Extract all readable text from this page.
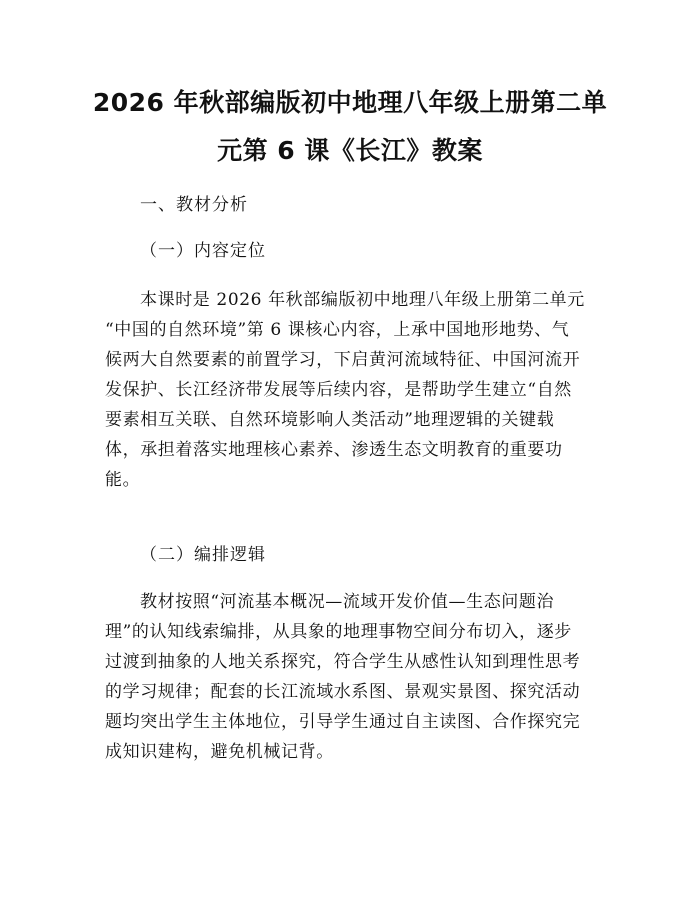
2026 年秋部编版初中地理八年级上册第二单
元第 6 课《长江》教案
一、教材分析
（一）内容定位
本课时是 2026 年秋部编版初中地理八年级上册第二单元
“中国的自然环境”第 6 课核心内容，上承中国地形地势、气
候两大自然要素的前置学习，下启黄河流域特征、中国河流开
发保护、长江经济带发展等后续内容，是帮助学生建立“自然
要素相互关联、自然环境影响人类活动”地理逻辑的关键载
体，承担着落实地理核心素养、渗透生态文明教育的重要功
能。
（二）编排逻辑
教材按照“河流基本概况—流域开发价值—生态问题治
理”的认知线索编排，从具象的地理事物空间分布切入，逐步
过渡到抽象的人地关系探究，符合学生从感性认知到理性思考
的学习规律；配套的长江流域水系图、景观实景图、探究活动
题均突出学生主体地位，引导学生通过自主读图、合作探究完
成知识建构，避免机械记背。
